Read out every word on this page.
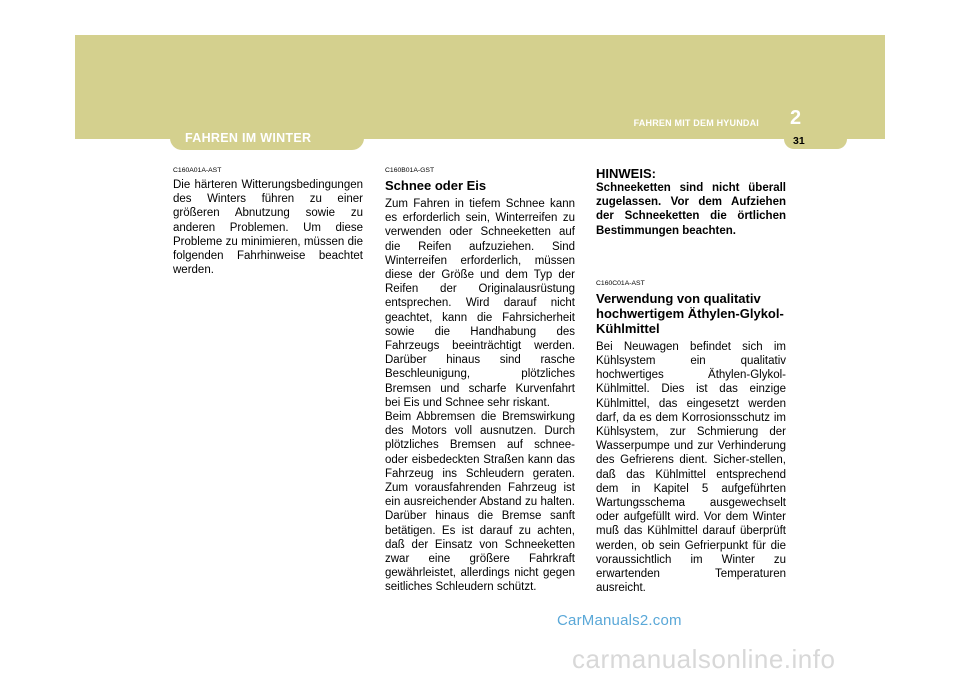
FAHREN IM WINTER
FAHREN MIT DEM HYUNDAI 2
31

C160A01A-AST

Die härteren Witterungsbedingungen des Winters führen zu einer größeren Abnutzung sowie zu anderen Problemen. Um diese Probleme zu minimieren, müssen die folgenden Fahrhinweise beachtet werden.

C160B01A-GST

Schnee oder Eis

Zum Fahren in tiefem Schnee kann es erforderlich sein, Winterreifen zu verwenden oder Schneeketten auf die Reifen aufzuziehen. Sind Winterreifen erforderlich, müssen diese der Größe und dem Typ der Reifen der Originalausrüstung entsprechen. Wird darauf nicht geachtet, kann die Fahrsicherheit sowie die Handhabung des Fahrzeugs beeinträchtigt werden. Darüber hinaus sind rasche Beschleunigung, plötzliches Bremsen und scharfe Kurvenfahrt bei Eis und Schnee sehr riskant.

Beim Abbremsen die Bremswirkung des Motors voll ausnutzen. Durch plötzliches Bremsen auf schnee- oder eisbedeckten Straßen kann das Fahrzeug ins Schleudern geraten. Zum vorausfahrenden Fahrzeug ist ein ausreichender Abstand zu halten. Darüber hinaus die Bremse sanft betätigen. Es ist darauf zu achten, daß der Einsatz von Schneeketten zwar eine größere Fahrkraft gewährleistet, allerdings nicht gegen seitliches Schleudern schützt.

HINWEIS:

Schneeketten sind nicht überall zugelassen. Vor dem Aufziehen der Schneeketten die örtlichen Bestimmungen beachten.

C160C01A-AST

Verwendung von qualitativ hochwertigem Äthylen-Glykol-Kühlmittel

Bei Neuwagen befindet sich im Kühlsystem ein qualitativ hochwertiges Äthylen-Glykol-Kühlmittel. Dies ist das einzige Kühlmittel, das eingesetzt werden darf, da es dem Korrosionsschutz im Kühlsystem, zur Schmierung der Wasserpumpe und zur Verhinderung des Gefrierens dient. Sicher-stellen, daß das Kühlmittel entsprechend dem in Kapitel 5 aufgeführten Wartungsschema ausgewechselt oder aufgefüllt wird. Vor dem Winter muß das Kühlmittel darauf überprüft werden, ob sein Gefrierpunkt für die voraussichtlich im Winter zu erwartenden Temperaturen ausreicht.

CarManuals2.com
carmanualsonline.info
